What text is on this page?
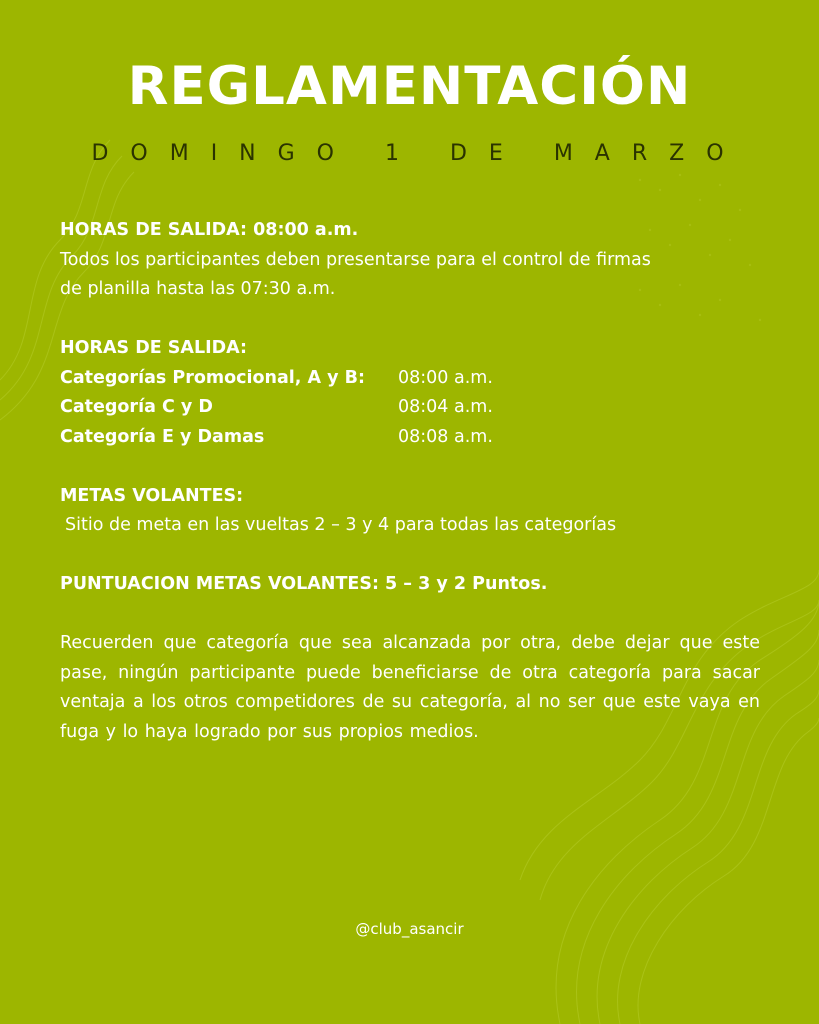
REGLAMENTACIÓN
DOMINGO 1 DE MARZO

HORAS DE SALIDA: 08:00 a.m.

Todos los participantes deben presentarse para el control de firmas

de planilla hasta las 07:30 a.m.

HORAS DE SALIDA:

Categorías Promocional, A y B:	08:00 a.m.
Categoría C y D	08:04 a.m.
Categoría E y Damas	08:08 a.m.

METAS VOLANTES:

Sitio de meta en las vueltas 2 – 3 y 4 para todas las categorías

PUNTUACION METAS VOLANTES: 5 – 3 y 2 Puntos.

Recuerden que categoría que sea alcanzada por otra, debe dejar que este pase, ningún participante puede beneficiarse de otra categoría para sacar ventaja a los otros competidores de su categoría, al no ser que este vaya en fuga y lo haya logrado por sus propios medios.

@club_asancir
